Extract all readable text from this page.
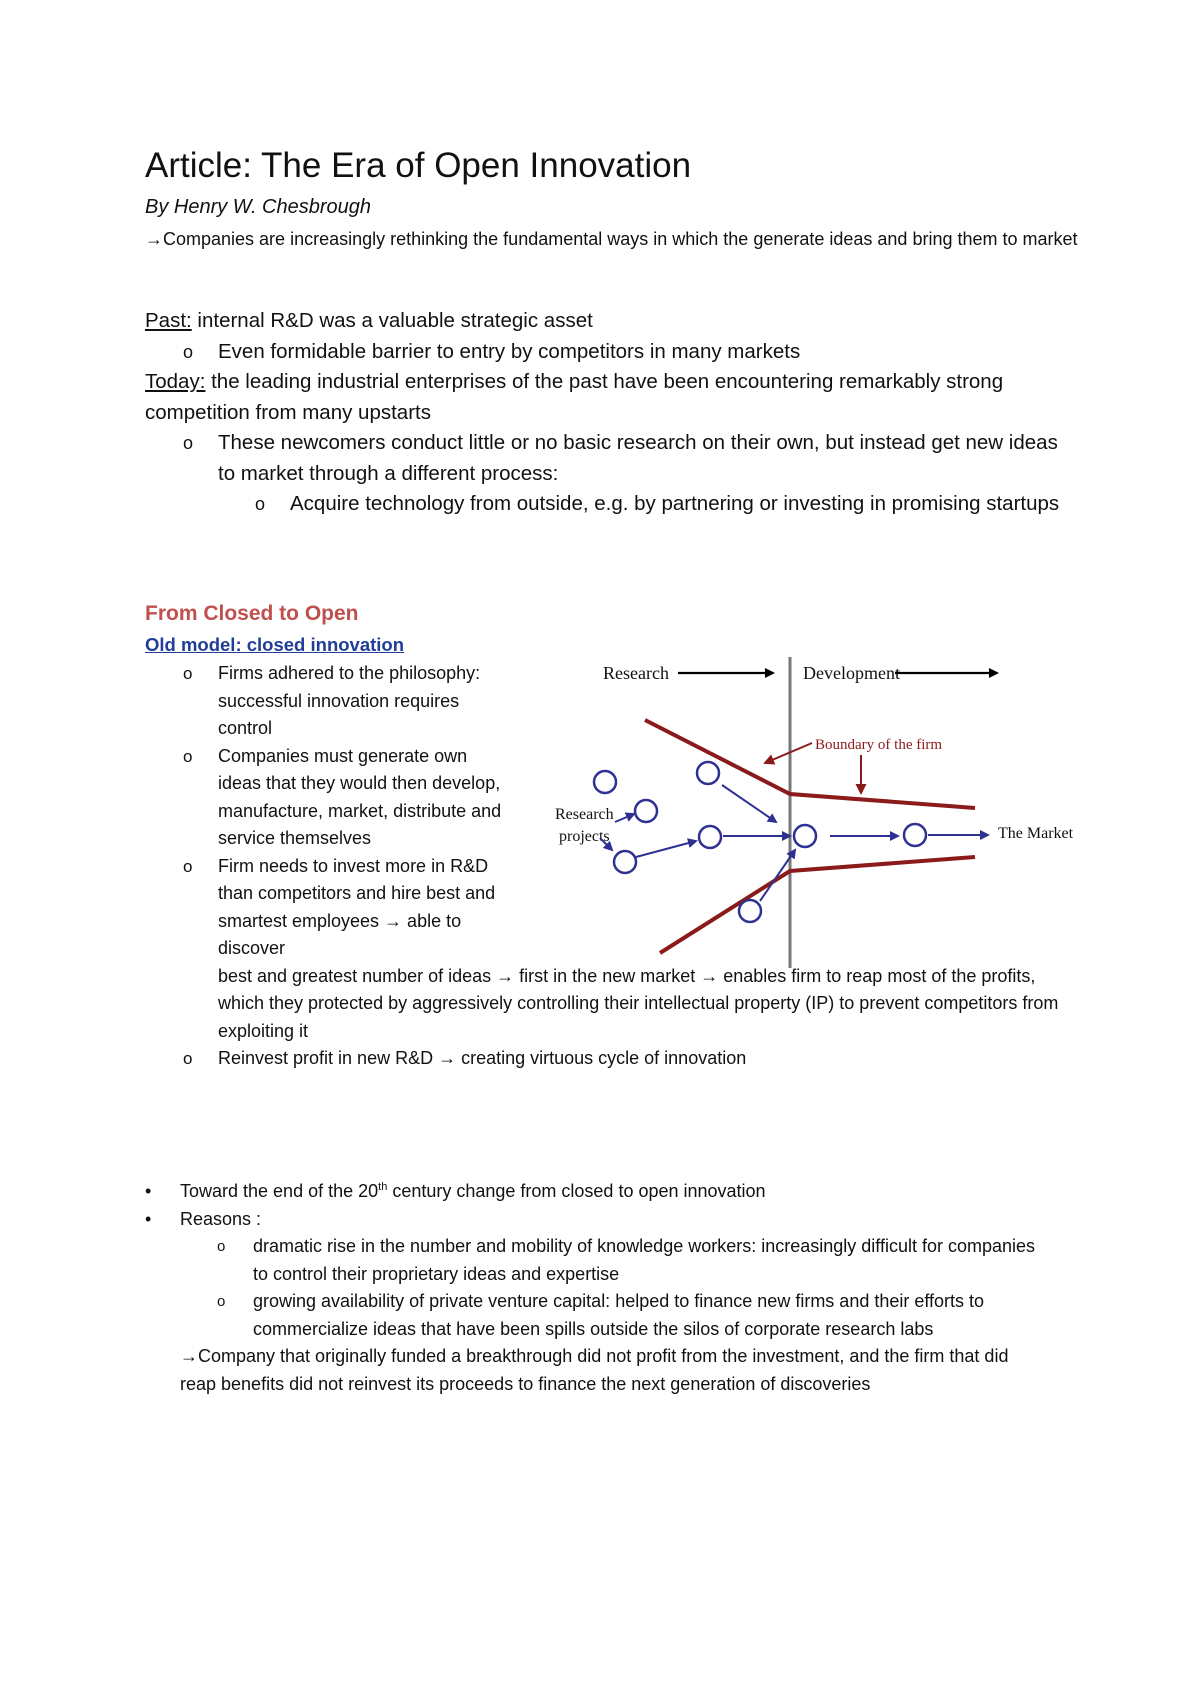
Article: The Era of Open Innovation
By Henry W. Chesbrough
→Companies are increasingly rethinking the fundamental ways in which the generate ideas and bring them to market
Past: internal R&D was a valuable strategic asset
o Even formidable barrier to entry by competitors in many markets
Today: the leading industrial enterprises of the past have been encountering remarkably strong competition from many upstarts
o These newcomers conduct little or no basic research on their own, but instead get new ideas to market through a different process:
o Acquire technology from outside, e.g. by partnering or investing in promising startups
From Closed to Open
Old model: closed innovation
o Firms adhered to the philosophy: successful innovation requires control
o Companies must generate own ideas that they would then develop, manufacture, market, distribute and service themselves
o Firm needs to invest more in R&D than competitors and hire best and smartest employees → able to discover
best and greatest number of ideas → first in the new market → enables firm to reap most of the profits, which they protected by aggressively controlling their intellectual property (IP) to prevent competitors from exploiting it
o Reinvest profit in new R&D → creating virtuous cycle of innovation
Research	Development
Boundary of the firm
Research
projects	The Market
• Toward the end of the 20th century change from closed to open innovation
• Reasons :
o dramatic rise in the number and mobility of knowledge workers: increasingly difficult for companies to control their proprietary ideas and expertise
o growing availability of private venture capital: helped to finance new firms and their efforts to commercialize ideas that have been spills outside the silos of corporate research labs
→Company that originally funded a breakthrough did not profit from the investment, and the firm that did reap benefits did not reinvest its proceeds to finance the next generation of discoveries
